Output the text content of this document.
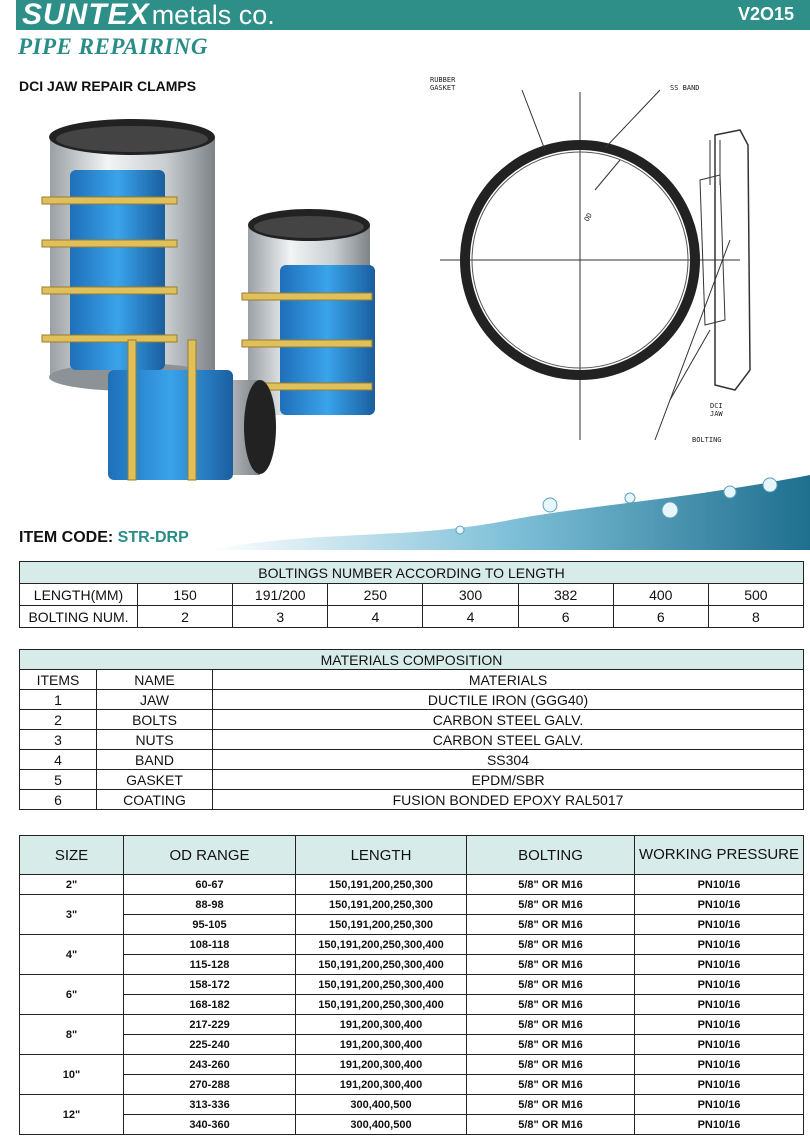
SUNTEXmetals co.	V2O15
PIPE REPAIRING
DCI JAW REPAIR CLAMPS	RUBBER
GASKET	SS BAND
OD
DCI
JAW
BOLTING
ITEM CODE: STR-DRP
BOLTINGS NUMBER ACCORDING TO LENGTH							
LENGTH(MM)	150	191/200	250	300	382	400	500
BOLTING NUM.	2	3	4	4	6	6	8
MATERIALS COMPOSITION		
ITEMS	NAME	MATERIALS
1	JAW	DUCTILE IRON (GGG40)
2	BOLTS	CARBON STEEL GALV.
3	NUTS	CARBON STEEL GALV.
4	BAND	SS304
5	GASKET	EPDM/SBR
6	COATING	FUSION BONDED EPOXY RAL5017
SIZE	OD RANGE	LENGTH	BOLTING	WORKING PRESSURE
2"	60-67	150,191,200,250,300	5/8" OR M16	PN10/16
3"	88-98	150,191,200,250,300	5/8" OR M16	PN10/16
	95-105	150,191,200,250,300	5/8" OR M16	PN10/16
4"	108-118	150,191,200,250,300,400	5/8" OR M16	PN10/16
	115-128	150,191,200,250,300,400	5/8" OR M16	PN10/16
6"	158-172	150,191,200,250,300,400	5/8" OR M16	PN10/16
	168-182	150,191,200,250,300,400	5/8" OR M16	PN10/16
8"	217-229	191,200,300,400	5/8" OR M16	PN10/16
	225-240	191,200,300,400	5/8" OR M16	PN10/16
10"	243-260	191,200,300,400	5/8" OR M16	PN10/16
	270-288	191,200,300,400	5/8" OR M16	PN10/16
12"	313-336	300,400,500	5/8" OR M16	PN10/16
	340-360	300,400,500	5/8" OR M16	PN10/16
